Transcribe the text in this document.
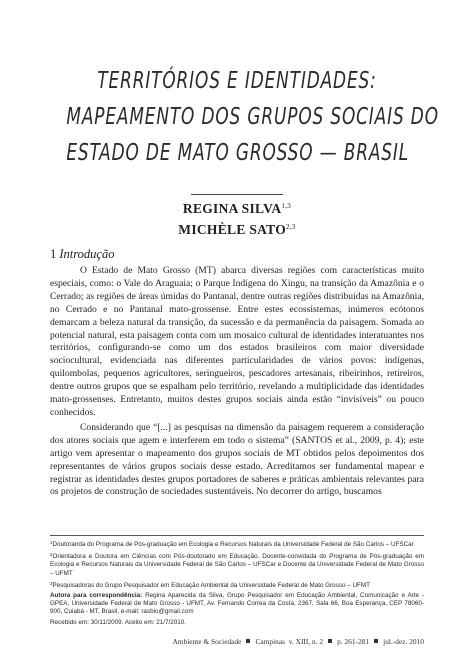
TERRITÓRIOS E IDENTIDADES:
MAPEAMENTO DOS GRUPOS SOCIAIS DO
ESTADO DE MATO GROSSO — BRASIL
REGINA SILVA$^{1,3}$
MICHÈLE SATO$^{2,3}$
1 Introdução

O Estado de Mato Grosso (MT) abarca diversas regiões com características muito especiais, como: o Vale do Araguaia; o Parque Indígena do Xingu, na transição da Amazônia e o Cerrado; as regiões de áreas úmidas do Pantanal, dentre outras regiões distribuídas na Amazônia, no Cerrado e no Pantanal mato-grossense. Entre estes ecossistemas, inúmeros ecótonos demarcam a beleza natural da transição, da sucessão e da permanência da paisagem. Somada ao potencial natural, esta paisagem conta com um mosaico cultural de identidades interatuantes nos territórios, configurando-se como um dos estados brasileiros com maior diversidade sociocultural, evidenciada nas diferentes particularidades de vários povos: indígenas, quilombolas, pequenos agricultores, seringueiros, pescadores artesanais, ribeirinhos, retireiros, dentre outros grupos que se espalham pelo território, revelando a multiplicidade das identidades mato-grossenses. Entretanto, muitos destes grupos sociais ainda estão “invisíveis” ou pouco conhecidos.

Considerando que “[...] as pesquisas na dimensão da paisagem requerem a consideração dos atores sociais que agem e interferem em todo o sistema” (SANTOS et al., 2009, p. 4); este artigo vem apresentar o mapeamento dos grupos sociais de MT obtidos pelos depoimentos dos representantes de vários grupos sociais desse estado. Acreditamos ser fundamental mapear e registrar as identidades destes grupos portadores de saberes e práticas ambientais relevantes para os projetos de construção de sociedades sustentáveis. No decorrer do artigo, buscamos

$^1$Doutoranda do Programa de Pós-graduação em Ecologia e Recursos Naturais da Universidade Federal de São Carlos – UFSCar

$^2$Orientadora e Doutora em Ciências com Pós-doutorado em Educação. Docente-convidada do Programa de Pós-graduação em Ecologia e Recursos Naturais da Universidade Federal de São Carlos – UFSCar e Docente da Universidade Federal de Mato Grosso – UFMT

$^3$Pesquisadoras do Grupo Pesquisador em Educação Ambiental da Universidade Federal de Mato Grosso – UFMT

Autora para correspondência: Regina Aparecida da Silva, Grupo Pesquisador em Educação Ambiental, Comunicação e Arte - GPEA, Universidade Federal de Mato Grosso - UFMT, Av. Fernando Correa da Costa, 2367, Sala 66, Boa Esperança, CEP 78060-900, Cuiabá - MT, Brasil, e-mail: rasbio@gmail.com

Recebido em: 30/11/2009. Aceito em: 21/7/2010.

Ambiente & Sociedade Campinas v. XIII, n. 2 p. 261-281 jul.-dez. 2010
